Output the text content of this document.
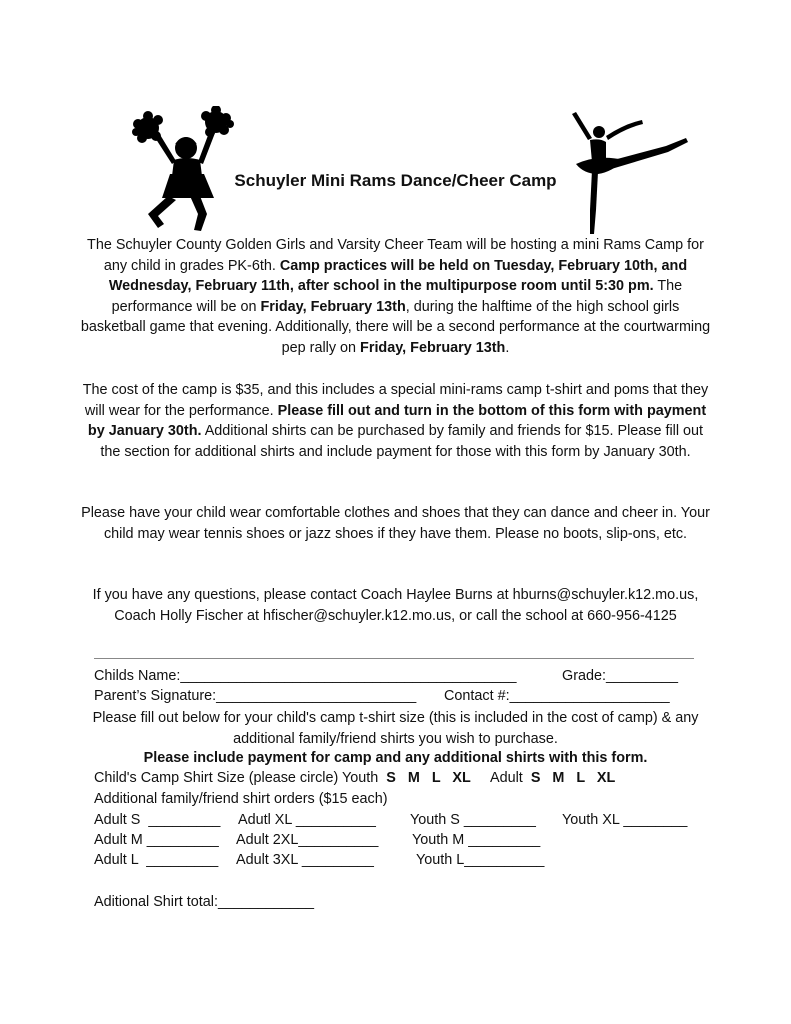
Schuyler Mini Rams Dance/Cheer Camp

The Schuyler County Golden Girls and Varsity Cheer Team will be hosting a mini Rams Camp for any child in grades PK-6th. Camp practices will be held on Tuesday, February 10th, and Wednesday, February 11th, after school in the multipurpose room until 5:30 pm. The performance will be on Friday, February 13th, during the halftime of the high school girls basketball game that evening. Additionally, there will be a second performance at the courtwarming pep rally on Friday, February 13th.

The cost of the camp is $35, and this includes a special mini-rams camp t-shirt and poms that they will wear for the performance. Please fill out and turn in the bottom of this form with payment by January 30th. Additional shirts can be purchased by family and friends for $15. Please fill out the section for additional shirts and include payment for those with this form by January 30th.

Please have your child wear comfortable clothes and shoes that they can dance and cheer in. Your child may wear tennis shoes or jazz shoes if they have them. Please no boots, slip-ons, etc.

If you have any questions, please contact Coach Haylee Burns at hburns@schuyler.k12.mo.us, Coach Holly Fischer at hfischer@schuyler.k12.mo.us, or call the school at 660-956-4125

Childs Name:__________________________________________	Grade:_________
Parent’s Signature:_________________________ Contact #:____________________
Please fill out below for your child's camp t-shirt size (this is included in the cost of camp) & any additional family/friend shirts you wish to purchase.
Please include payment for camp and any additional shirts with this form.
Child's Camp Shirt Size (please circle) Youth S   M   L   XL Adult S   M   L   XL
Additional family/friend shirt orders ($15 each)
Adult S  _________ Adutl XL __________ Youth S _________ Youth XL ________
Adult M _________ Adult 2XL__________ Youth M _________
Adult L  _________ Adult 3XL _________	Youth L__________
Aditional Shirt total:____________
